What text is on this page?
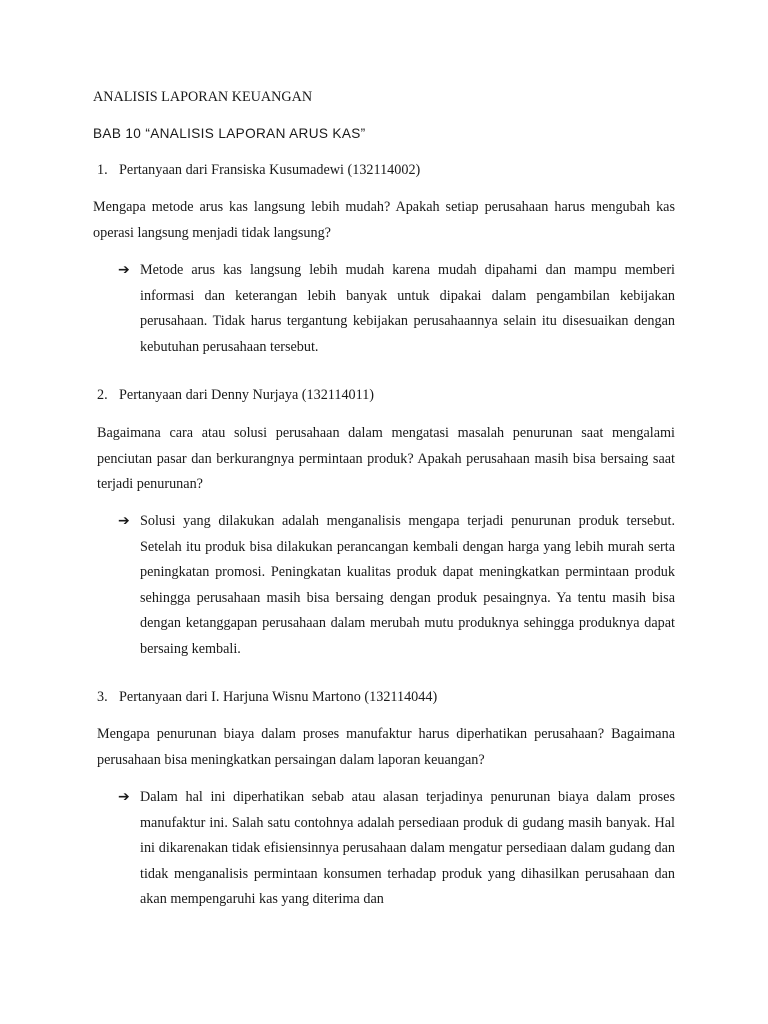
ANALISIS LAPORAN KEUANGAN
BAB 10 “ANALISIS LAPORAN ARUS KAS”
1. Pertanyaan dari Fransiska Kusumadewi (132114002)
Mengapa metode arus kas langsung lebih mudah? Apakah setiap perusahaan harus mengubah kas operasi langsung menjadi tidak langsung?
➔ Metode arus kas langsung lebih mudah karena mudah dipahami dan mampu memberi informasi dan keterangan lebih banyak untuk dipakai dalam pengambilan kebijakan perusahaan. Tidak harus tergantung kebijakan perusahaannya selain itu disesuaikan dengan kebutuhan perusahaan tersebut.
2. Pertanyaan dari Denny Nurjaya (132114011)
Bagaimana cara atau solusi perusahaan dalam mengatasi masalah penurunan saat mengalami penciutan pasar dan berkurangnya permintaan produk? Apakah perusahaan masih bisa bersaing saat terjadi penurunan?
➔ Solusi yang dilakukan adalah menganalisis mengapa terjadi penurunan produk tersebut. Setelah itu produk bisa dilakukan perancangan kembali dengan harga yang lebih murah serta peningkatan promosi. Peningkatan kualitas produk dapat meningkatkan permintaan produk sehingga perusahaan masih bisa bersaing dengan produk pesaingnya. Ya tentu masih bisa dengan ketanggapan perusahaan dalam merubah mutu produknya sehingga produknya dapat bersaing kembali.
3. Pertanyaan dari I. Harjuna Wisnu Martono (132114044)
Mengapa penurunan biaya dalam proses manufaktur harus diperhatikan perusahaan? Bagaimana perusahaan bisa meningkatkan persaingan dalam laporan keuangan?
➔ Dalam hal ini diperhatikan sebab atau alasan terjadinya penurunan biaya dalam proses manufaktur ini. Salah satu contohnya adalah persediaan produk di gudang masih banyak. Hal ini dikarenakan tidak efisiensinnya perusahaan dalam mengatur persediaan dalam gudang dan tidak menganalisis permintaan konsumen terhadap produk yang dihasilkan perusahaan dan akan mempengaruhi kas yang diterima dan
